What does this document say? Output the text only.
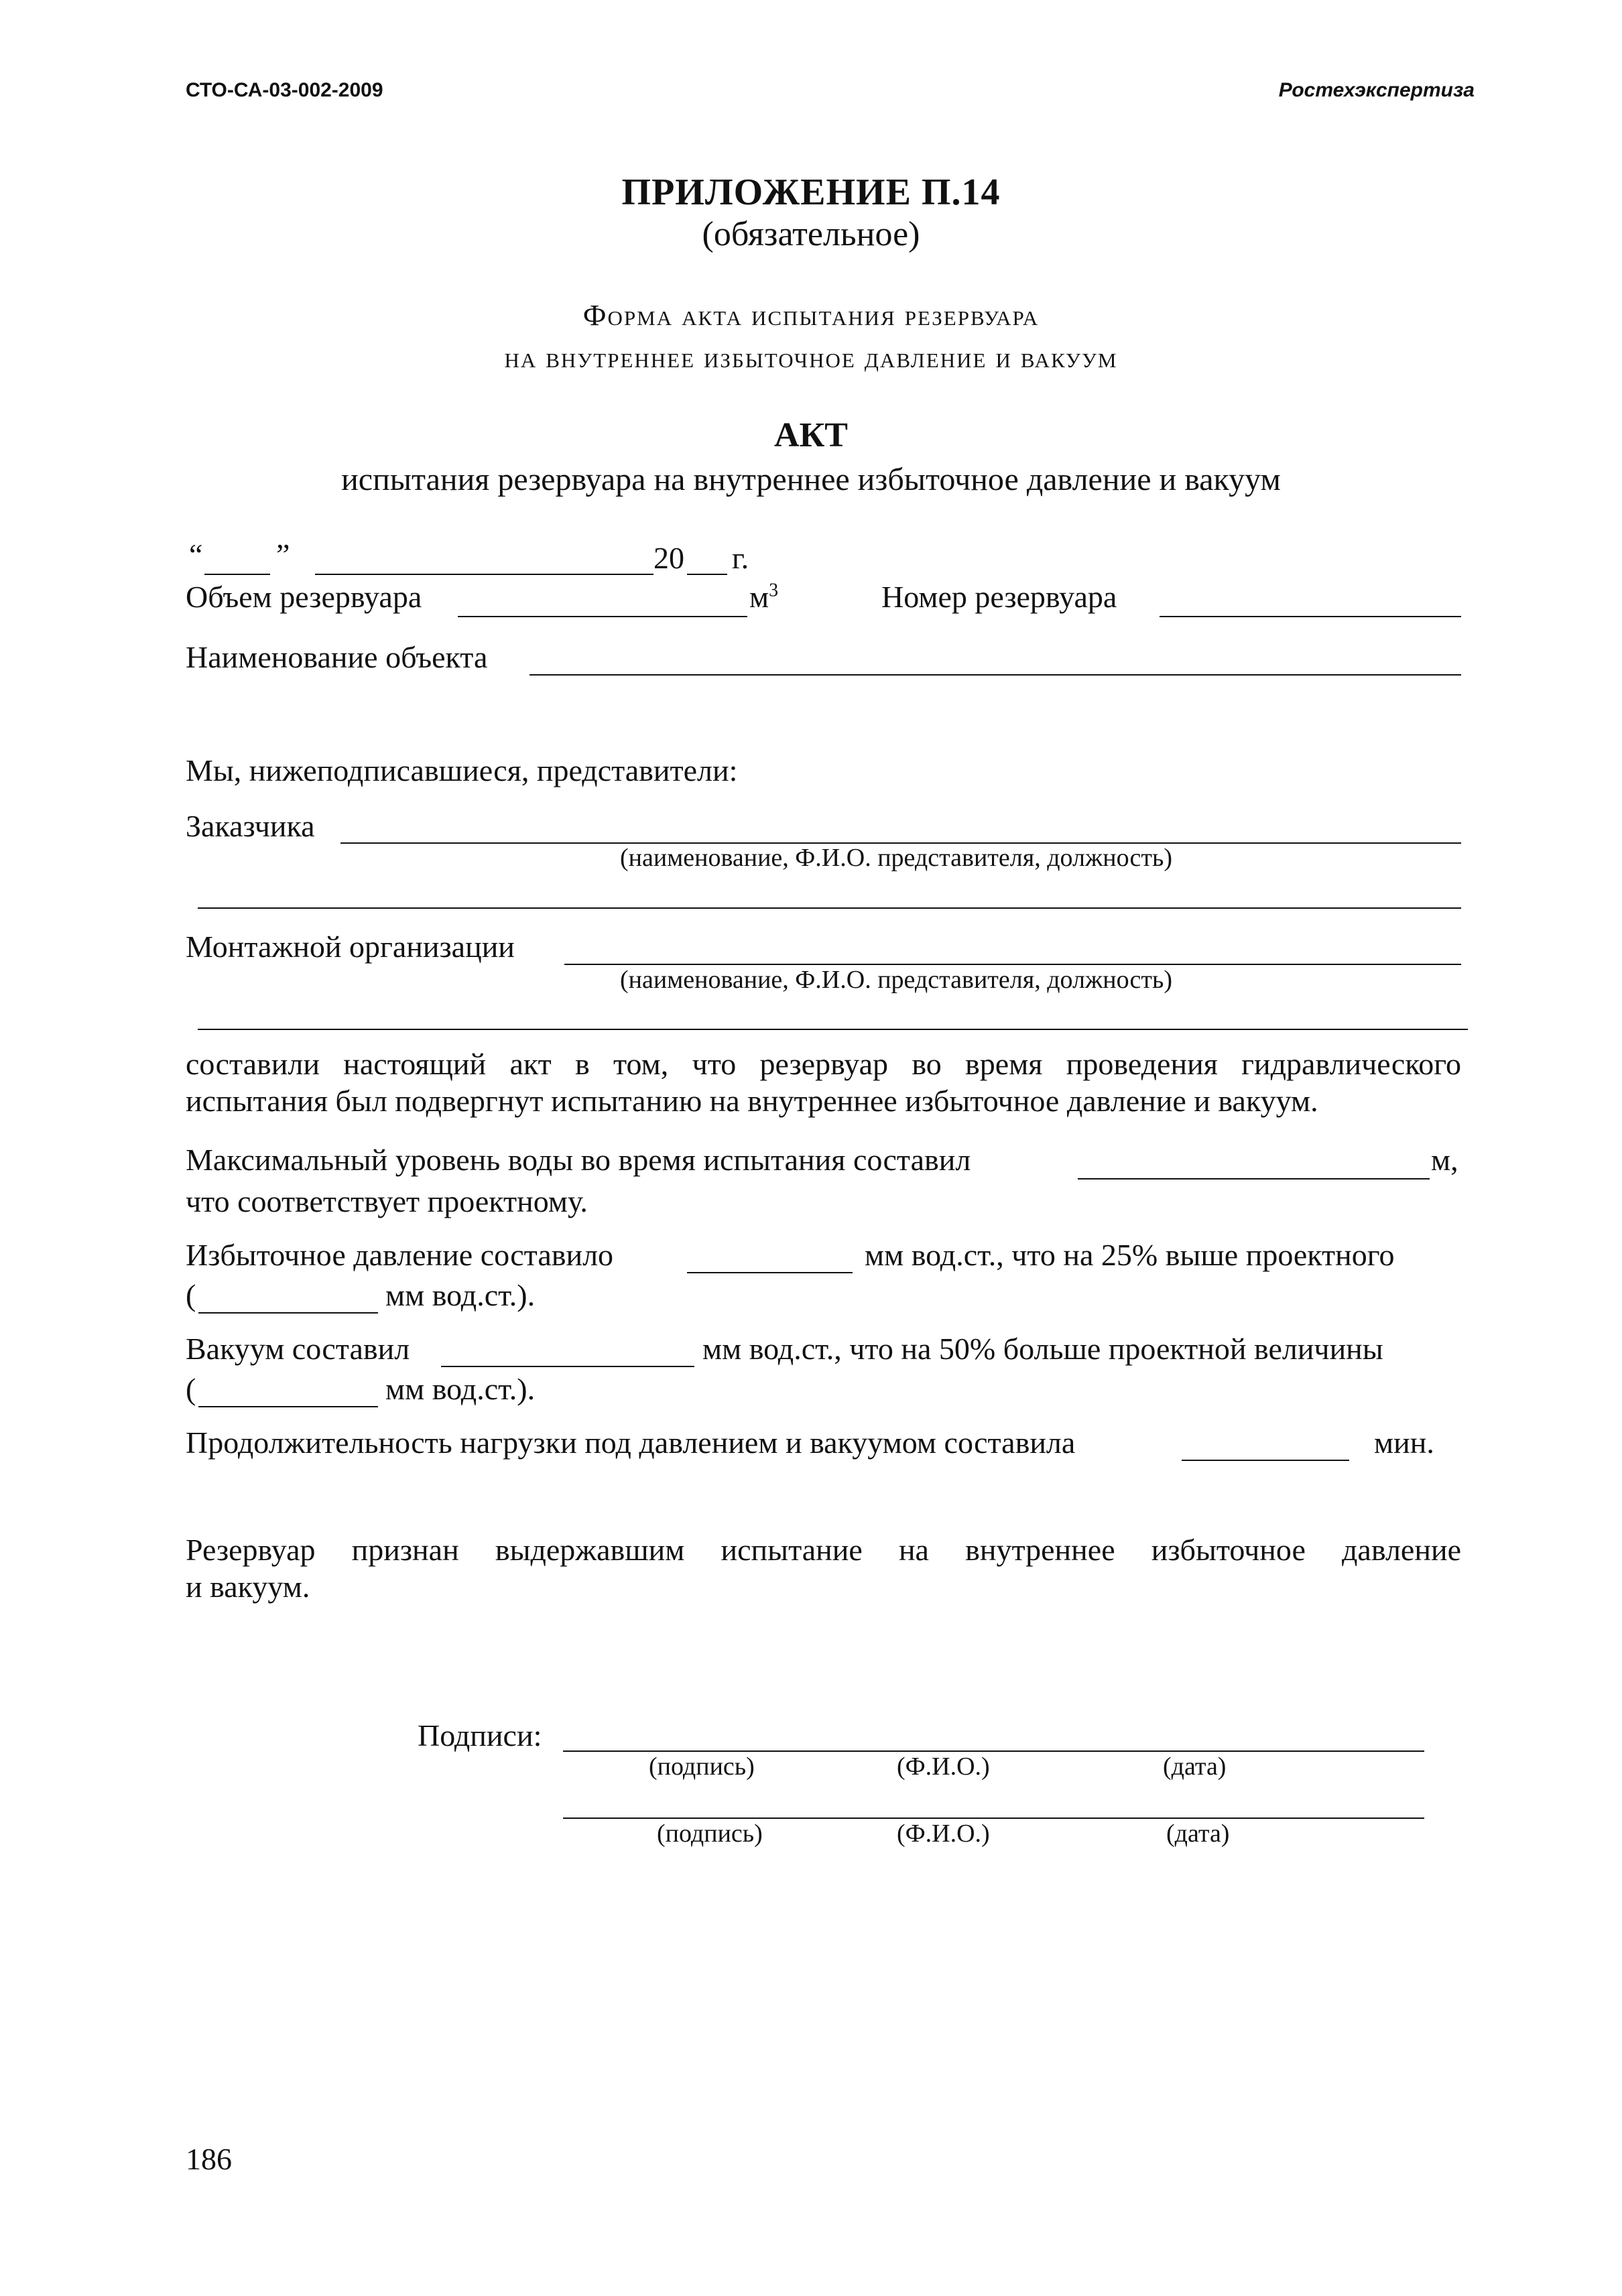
СТО-СА-03-002-2009	Ростехэкспертиза
ПРИЛОЖЕНИЕ П.14
(обязательное)
Форма акта испытания резервуара
на внутреннее избыточное давление и вакуум
АКТ
испытания резервуара на внутреннее избыточное давление и вакуум
“ ”	20 г.
Объем резервуара	$м^3$	Номер резервуара
Наименование объекта
Мы, нижеподписавшиеся, представители:
Заказчика
(наименование, Ф.И.О. представителя, должность)
Монтажной организации
(наименование, Ф.И.О. представителя, должность)
составили настоящий акт в том, что резервуар во время проведения гидравлического
испытания был подвергнут испытанию на внутреннее избыточное давление и вакуум.
Максимальный уровень воды во время испытания составил	м,
что соответствует проектному.
Избыточное давление составило	мм вод.ст., что на 25% выше проектного
(	мм вод.ст.).
Вакуум составил	мм вод.ст., что на 50% больше проектной величины
(	мм вод.ст.).
Продолжительность нагрузки под давлением и вакуумом составила	мин.
Резервуар признан выдержавшим испытание на внутреннее избыточное давление
и вакуум.
Подписи:
(подпись)	(Ф.И.О.)	(дата)
(подпись)	(Ф.И.О.)	(дата)
186
